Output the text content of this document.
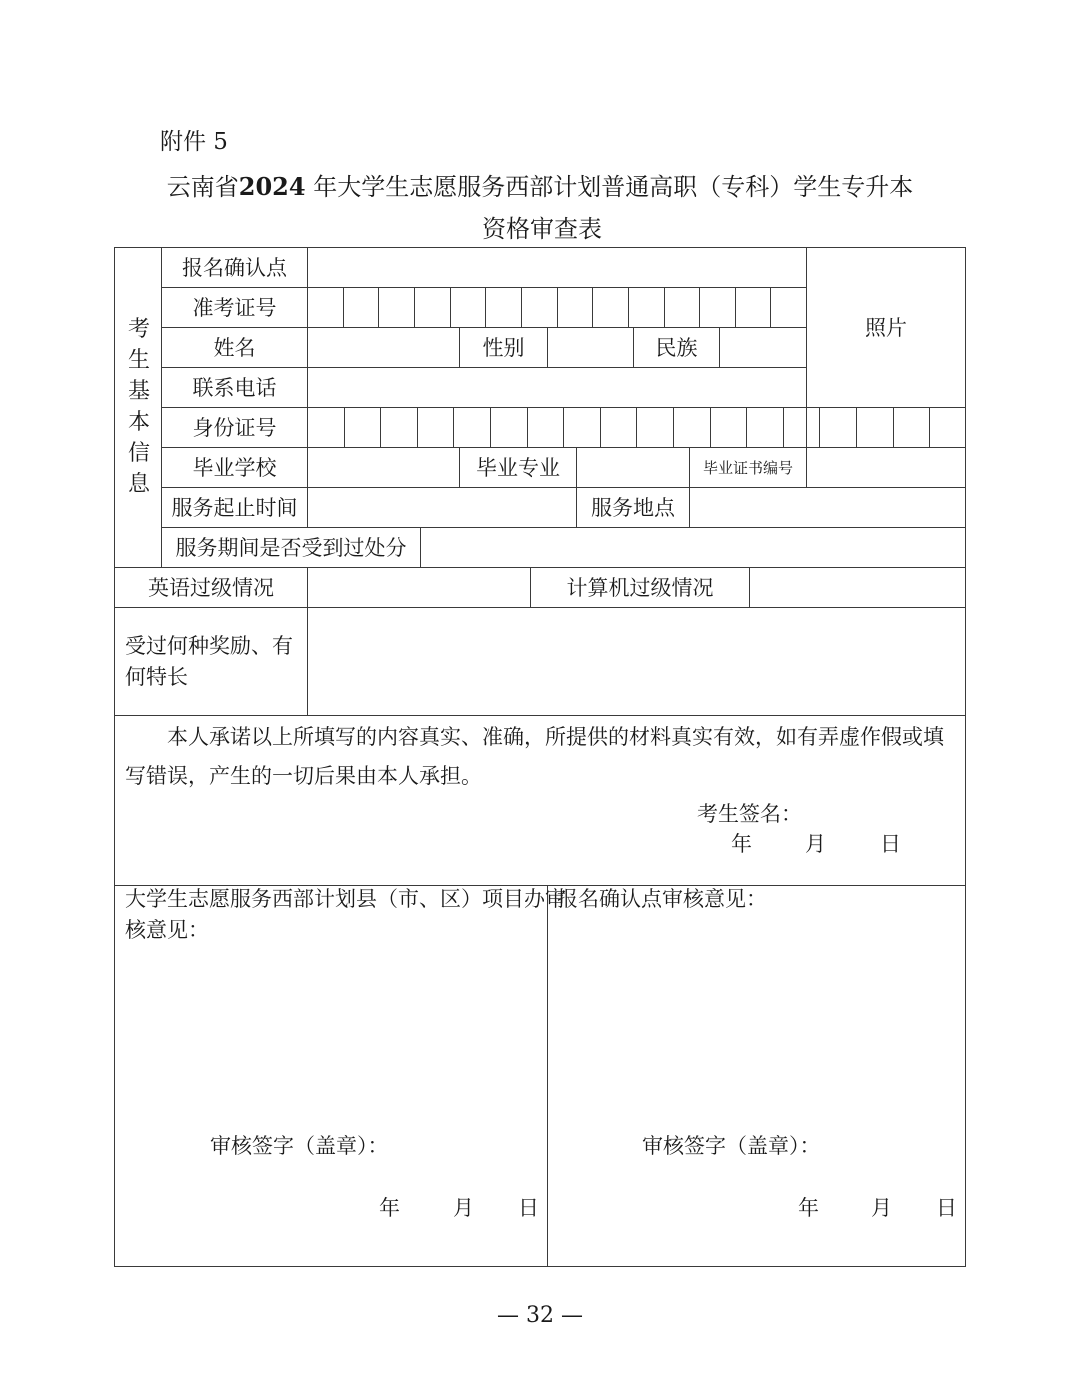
附件 5
云南省2024 年大学生志愿服务西部计划普通高职（专科）学生专升本
资格审查表
考
生
基
本
信
息
报名确认点
准考证号
姓名	性别	民族
联系电话
照片
身份证号
毕业学校	毕业专业	毕业证书编号
服务起止时间	服务地点
服务期间是否受到过处分
英语过级情况	计算机过级情况
受过何种奖励、有
何特长
本人承诺以上所填写的内容真实、准确，所提供的材料真实有效，如有弄虚作假或填
写错误，产生的一切后果由本人承担。
考生签名：
年	月	日
大学生志愿服务西部计划县（市、区）项目办审
核意见：
审核签字（盖章）：
年	月 日
报名确认点审核意见：
审核签字（盖章）：
年 月 日
— 32 —
